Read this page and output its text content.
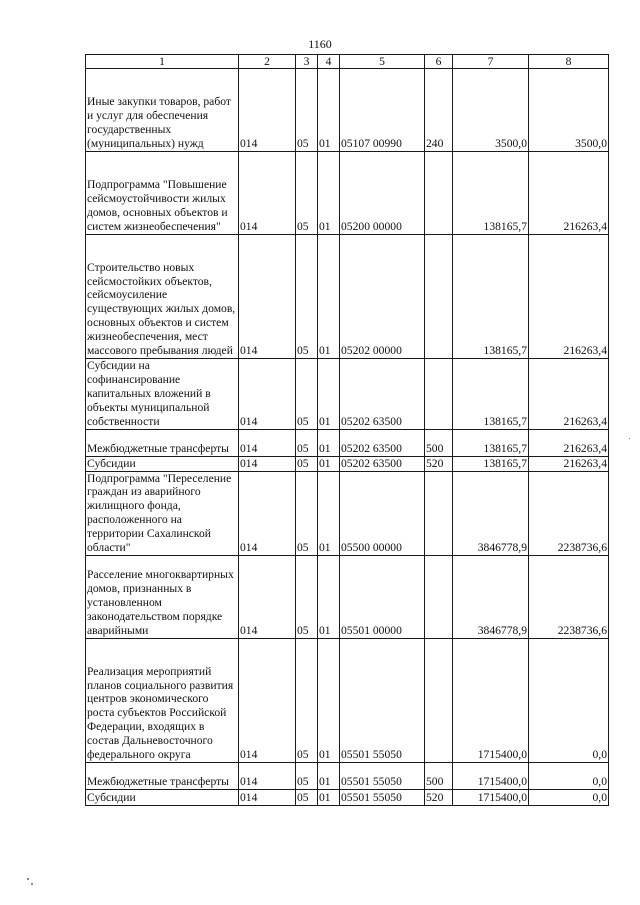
1160
1	2	3	4	5	6	7	8
Иные закупки товаров, работ и услуг для обеспечения государственных (муниципальных) нужд	014	05	01	05107 00990	240	3500,0	3500,0
Подпрограмма "Повышение сейсмоустойчивости жилых домов, основных объектов и систем жизнеобеспечения"	014	05	01	05200 00000		138165,7	216263,4
Строительство новых сейсмостойких объектов, сейсмоусиление существующих жилых домов, основных объектов и систем жизнеобеспечения, мест массового пребывания людей	014	05	01	05202 00000		138165,7	216263,4
Субсидии на софинансирование капитальных вложений в объекты муниципальной собственности	014	05	01	05202 63500		138165,7	216263,4
Межбюджетные трансферты	014	05	01	05202 63500	500	138165,7	216263,4
Субсидии	014	05	01	05202 63500	520	138165,7	216263,4
Подпрограмма "Переселение граждан из аварийного жилищного фонда, расположенного на территории Сахалинской области"	014	05	01	05500 00000		3846778,9	2238736,6
Расселение многоквартирных домов, признанных в установленном законодательством порядке аварийными	014	05	01	05501 00000		3846778,9	2238736,6
Реализация мероприятий планов социального развития центров экономического роста субъектов Российской Федерации, входящих в состав Дальневосточного федерального округа	014	05	01	05501 55050		1715400,0	0,0
Межбюджетные трансферты	014	05	01	05501 55050	500	1715400,0	0,0
Субсидии	014	05	01	05501 55050	520	1715400,0	0,0
